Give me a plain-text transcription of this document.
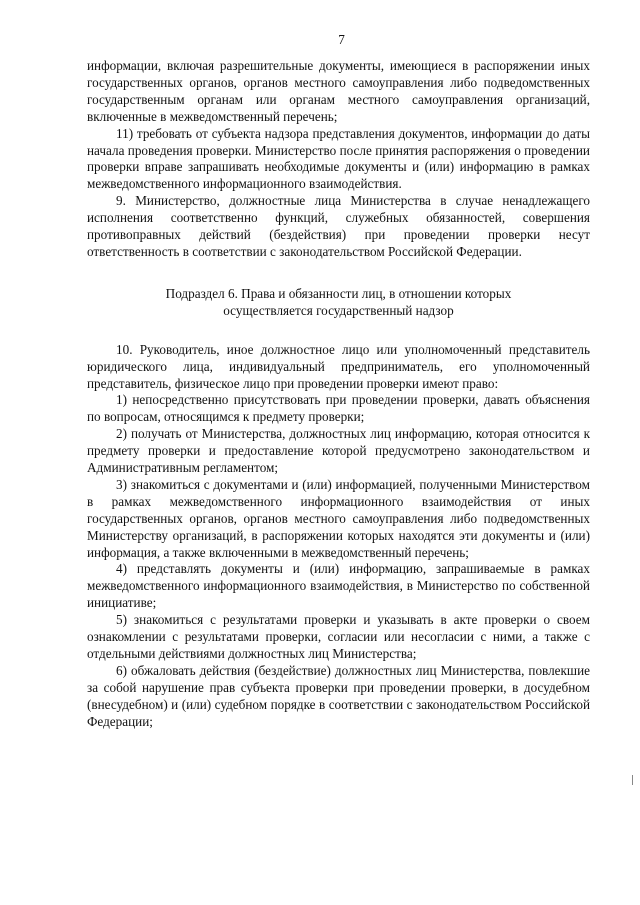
7

информации, включая разрешительные документы, имеющиеся в распоряжении иных государственных органов, органов местного самоуправления либо подведомственных государственным органам или органам местного самоуправления организаций, включенные в межведомственный перечень;

11) требовать от субъекта надзора представления документов, информации до даты начала проведения проверки. Министерство после принятия распоряжения о проведении проверки вправе запрашивать необходимые документы и (или) информацию в рамках межведомственного информационного взаимодействия.

9. Министерство, должностные лица Министерства в случае ненадлежащего исполнения соответственно функций, служебных обязанностей, совершения противоправных действий (бездействия) при проведении проверки несут ответственность в соответствии с законодательством Российской Федерации.

Подраздел 6. Права и обязанности лиц, в отношении которых
осуществляется государственный надзор

10. Руководитель, иное должностное лицо или уполномоченный представитель юридического лица, индивидуальный предприниматель, его уполномоченный представитель, физическое лицо при проведении проверки имеют право:

1) непосредственно присутствовать при проведении проверки, давать объяснения по вопросам, относящимся к предмету проверки;

2) получать от Министерства, должностных лиц информацию, которая относится к предмету проверки и предоставление которой предусмотрено законодательством и Административным регламентом;

3) знакомиться с документами и (или) информацией, полученными Министерством в рамках межведомственного информационного взаимодействия от иных государственных органов, органов местного самоуправления либо подведомственных Министерству организаций, в распоряжении которых находятся эти документы и (или) информация, а также включенными в межведомственный перечень;

4) представлять документы и (или) информацию, запрашиваемые в рамках межведомственного информационного взаимодействия, в Министерство по собственной инициативе;

5) знакомиться с результатами проверки и указывать в акте проверки о своем ознакомлении с результатами проверки, согласии или несогласии с ними, а также с отдельными действиями должностных лиц Министерства;

6) обжаловать действия (бездействие) должностных лиц Министерства, повлекшие за собой нарушение прав субъекта проверки при проведении проверки, в досудебном (внесудебном) и (или) судебном порядке в соответствии с законодательством Российской Федерации;
